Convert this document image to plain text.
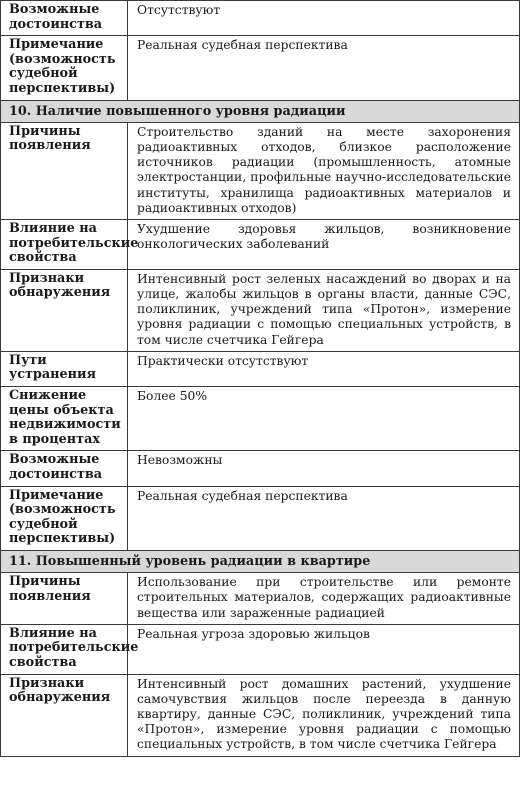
Возможные достоинства	Отсутствуют
Примечание (возможность судебной перспективы)	Реальная судебная перспектива
10. Наличие повышенного уровня радиации	
Причины появления	Строительство зданий на месте захоронения радиоактивных отходов, близкое расположение источников радиации (промышленность, атомные электростанции, профильные научно-исследовательские институты, хранилища радиоактивных материалов и радиоактивных отходов)
Влияние на потребительские свойства	Ухудшение здоровья жильцов, возникновение онкологических заболеваний
Признаки обнаружения	Интенсивный рост зеленых насаждений во дворах и на улице, жалобы жильцов в органы власти, данные СЭС, поликлиник, учреждений типа «Протон», измерение уровня радиации с помощью специальных устройств, в том числе счетчика Гейгера
Пути устранения	Практически отсутствуют
Снижение цены объекта недвижимости в процентах	Более 50%
Возможные достоинства	Невозможны
Примечание (возможность судебной перспективы)	Реальная судебная перспектива
11. Повышенный уровень радиации в квартире	
Причины появления	Использование при строительстве или ремонте строительных материалов, содержащих радиоактивные вещества или зараженные радиацией
Влияние на потребительские свойства	Реальная угроза здоровью жильцов
Признаки обнаружения	Интенсивный рост домашних растений, ухудшение самочувствия жильцов после переезда в данную квартиру, данные СЭС, поликлиник, учреждений типа «Протон», измерение уровня радиации с помощью специальных устройств, в том числе счетчика Гейгера
